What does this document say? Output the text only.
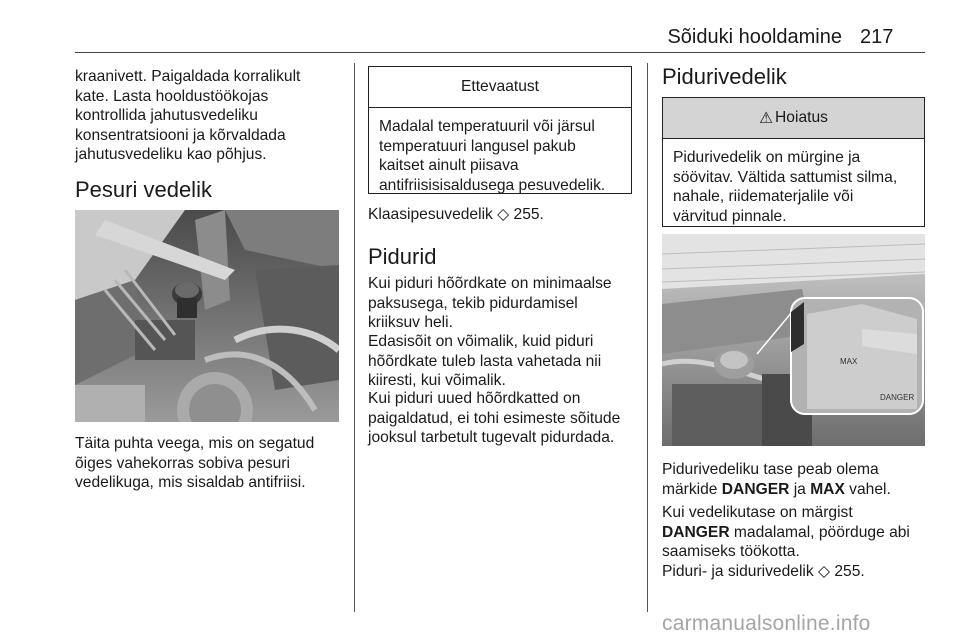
Sõiduki hooldamine 217
kraanivett. Paigaldada korralikult
kate. Lasta hooldustöökojas
kontrollida jahutusvedeliku
konsentratsiooni ja kõrvaldada
jahutusvedeliku kao põhjus.
Pesuri vedelik
Täita puhta veega, mis on segatud
õiges vahekorras sobiva pesuri
vedelikuga, mis sisaldab antifriisi.
Ettevaatust
Madalal temperatuuril või järsul
temperatuuri langusel pakub
kaitset ainult piisava
antifriisisisaldusega pesuvedelik.
Klaasipesuvedelik ◇ 255.
Pidurid
Kui piduri hõõrdkate on minimaalse
paksusega, tekib pidurdamisel
kriiksuv heli.
Edasisõit on võimalik, kuid piduri
hõõrdkate tuleb lasta vahetada nii
kiiresti, kui võimalik.
Kui piduri uued hõõrdkatted on
paigaldatud, ei tohi esimeste sõitude
jooksul tarbetult tugevalt pidurdada.
Pidurivedelik
⚠ Hoiatus
Pidurivedelik on mürgine ja
söövitav. Vältida sattumist silma,
nahale, riidematerjalile või
värvitud pinnale.
MAX
DANGER
Pidurivedeliku tase peab olema
märkide DANGER ja MAX vahel.
Kui vedelikutase on märgist
DANGER madalamal, pöörduge abi
saamiseks töökotta.
Piduri- ja sidurivedelik ◇ 255.
carmanualsonline.info
